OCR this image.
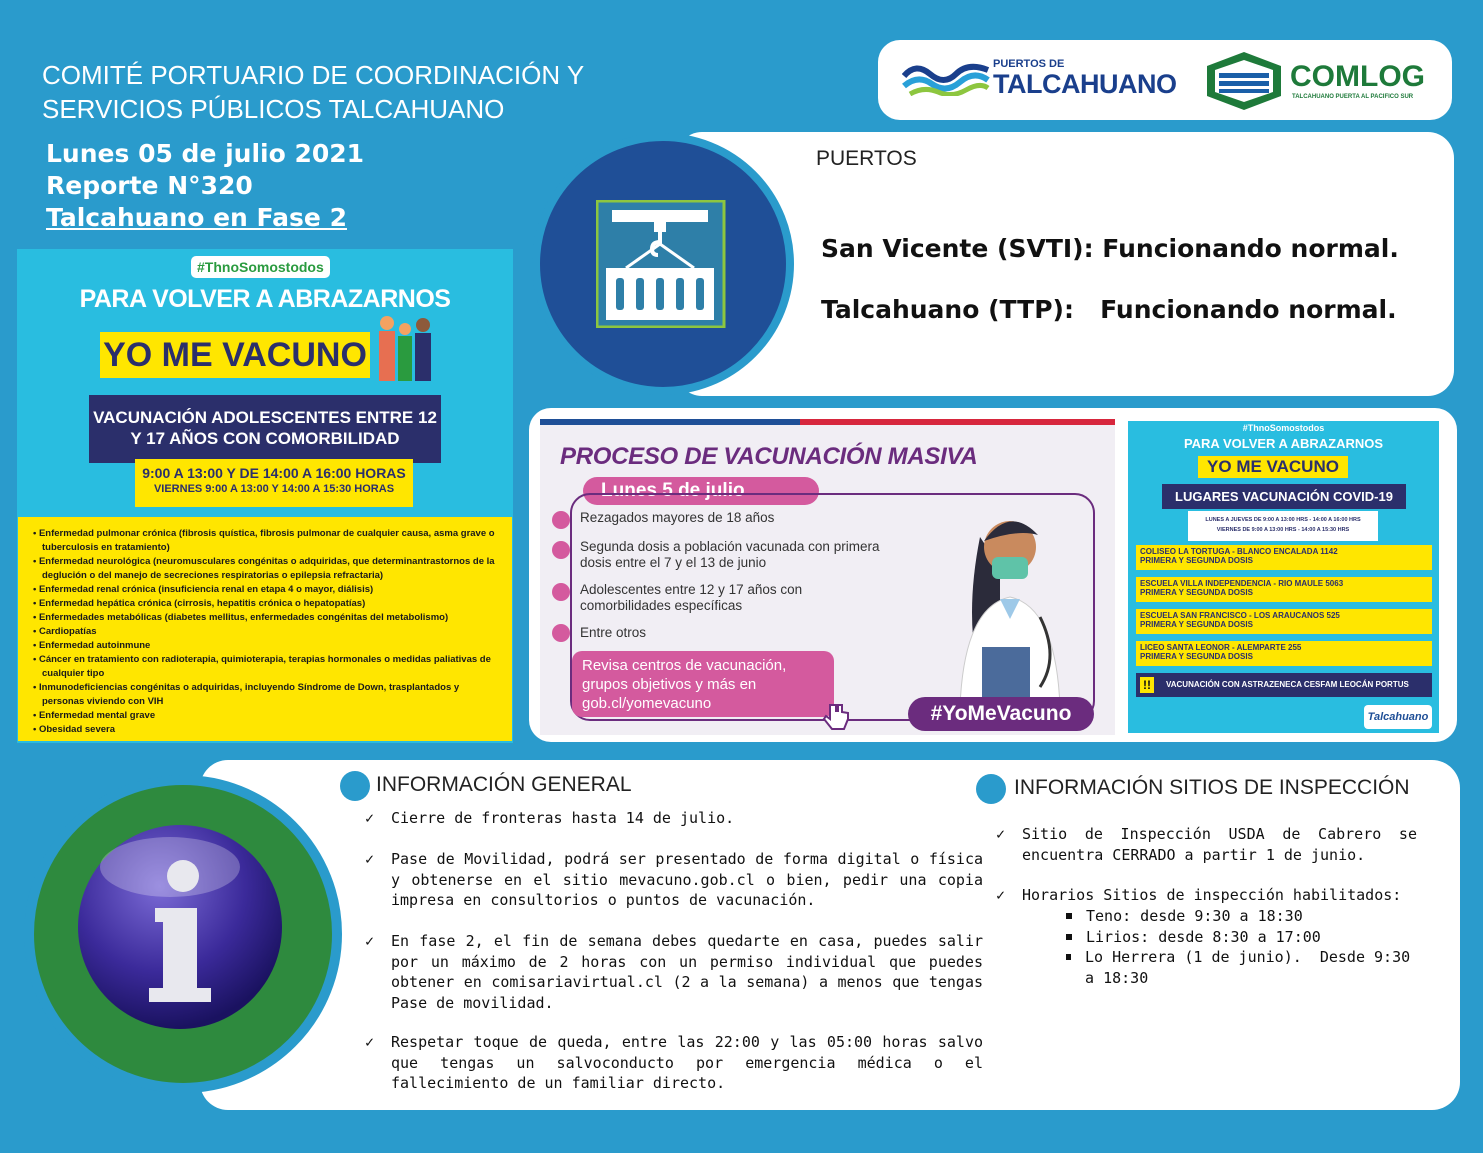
COMITÉ PORTUARIO DE COORDINACIÓN Y
SERVICIOS PÚBLICOS TALCAHUANO
Lunes 05 de julio 2021
Reporte N°320
Talcahuano en Fase 2
PUERTOS DE
TALCAHUANO	COMLOG
TALCAHUANO PUERTA AL PACIFICO SUR
PUERTOS
San Vicente (SVTI): Funcionando normal.
Talcahuano (TTP):   Funcionando normal.
#ThnoSomostodos
PARA VOLVER A ABRAZARNOS
YO ME VACUNO
VACUNACIÓN ADOLESCENTES ENTRE 12 Y 17 AÑOS CON COMORBILIDAD
9:00 A 13:00 Y DE 14:00 A 16:00 HORAS
VIERNES 9:00 A 13:00 Y 14:00 A 15:30 HORAS

• Enfermedad pulmonar crónica (fibrosis quística, fibrosis pulmonar de cualquier causa, asma grave o tuberculosis en tratamiento)

• Enfermedad neurológica (neuromusculares congénitas o adquiridas, que determinantrastornos de la deglución o del manejo de secreciones respiratorias o epilepsia refractaria)

• Enfermedad renal crónica (insuficiencia renal en etapa 4 o mayor, diálisis)

• Enfermedad hepática crónica (cirrosis, hepatitis crónica o hepatopatías)

• Enfermedades metabólicas (diabetes mellitus, enfermedades congénitas del metabolismo)

• Cardiopatías

• Enfermedad autoinmune

• Cáncer en tratamiento con radioterapia, quimioterapia, terapias hormonales o medidas paliativas de cualquier tipo

• Inmunodeficiencias congénitas o adquiridas, incluyendo Síndrome de Down, trasplantados y personas viviendo con VIH

• Enfermedad mental grave

• Obesidad severa

PROCESO DE VACUNACIÓN MASIVA
Lunes 5 de julio
Rezagados mayores de 18 años
Segunda dosis a población vacunada con primera dosis entre el 7 y el 13 de junio
Adolescentes entre 12 y 17 años con comorbilidades específicas
Entre otros
Revisa centros de vacunación, grupos objetivos y más en gob.cl/yomevacuno	#YoMeVacuno
#ThnoSomostodos
PARA VOLVER A ABRAZARNOS
YO ME VACUNO
LUGARES VACUNACIÓN COVID-19
LUNES A JUEVES DE 9:00 A 13:00 HRS - 14:00 A 16:00 HRS
VIERNES DE 9:00 A 13:00 HRS - 14:00 A 15:30 HRS
COLISEO LA TORTUGA - BLANCO ENCALADA 1142
PRIMERA Y SEGUNDA DOSIS
ESCUELA VILLA INDEPENDENCIA - RIO MAULE 5063
PRIMERA Y SEGUNDA DOSIS
ESCUELA SAN FRANCISCO - LOS ARAUCANOS 525
PRIMERA Y SEGUNDA DOSIS
LICEO SANTA LEONOR - ALEMPARTE 255
PRIMERA Y SEGUNDA DOSIS
VACUNACIÓN CON ASTRAZENECA CESFAM LEOCÁN PORTUS
!!
Talcahuano
INFORMACIÓN GENERAL
✓ Cierre de fronteras hasta 14 de julio.
✓ Pase de Movilidad, podrá ser presentado de forma digital o física y obtenerse en el sitio mevacuno.gob.cl o bien, pedir una copia impresa en consultorios o puntos de vacunación.
✓ En fase 2, el fin de semana debes quedarte en casa, puedes salir por un máximo de 2 horas con un permiso individual que puedes obtener en comisariavirtual.cl (2 a la semana) a menos que tengas Pase de movilidad.
✓ Respetar toque de queda, entre las 22:00 y las 05:00 horas salvo que tengas un salvoconducto por emergencia médica o el fallecimiento de un familiar directo.
INFORMACIÓN SITIOS DE INSPECCIÓN
✓ Sitio de Inspección USDA de Cabrero se encuentra CERRADO a partir 1 de junio.
✓ Horarios Sitios de inspección habilitados:
Teno: desde 9:30 a 18:30
Lirios: desde 8:30 a 17:00
Lo Herrera (1 de junio).  Desde 9:30 a 18:30
